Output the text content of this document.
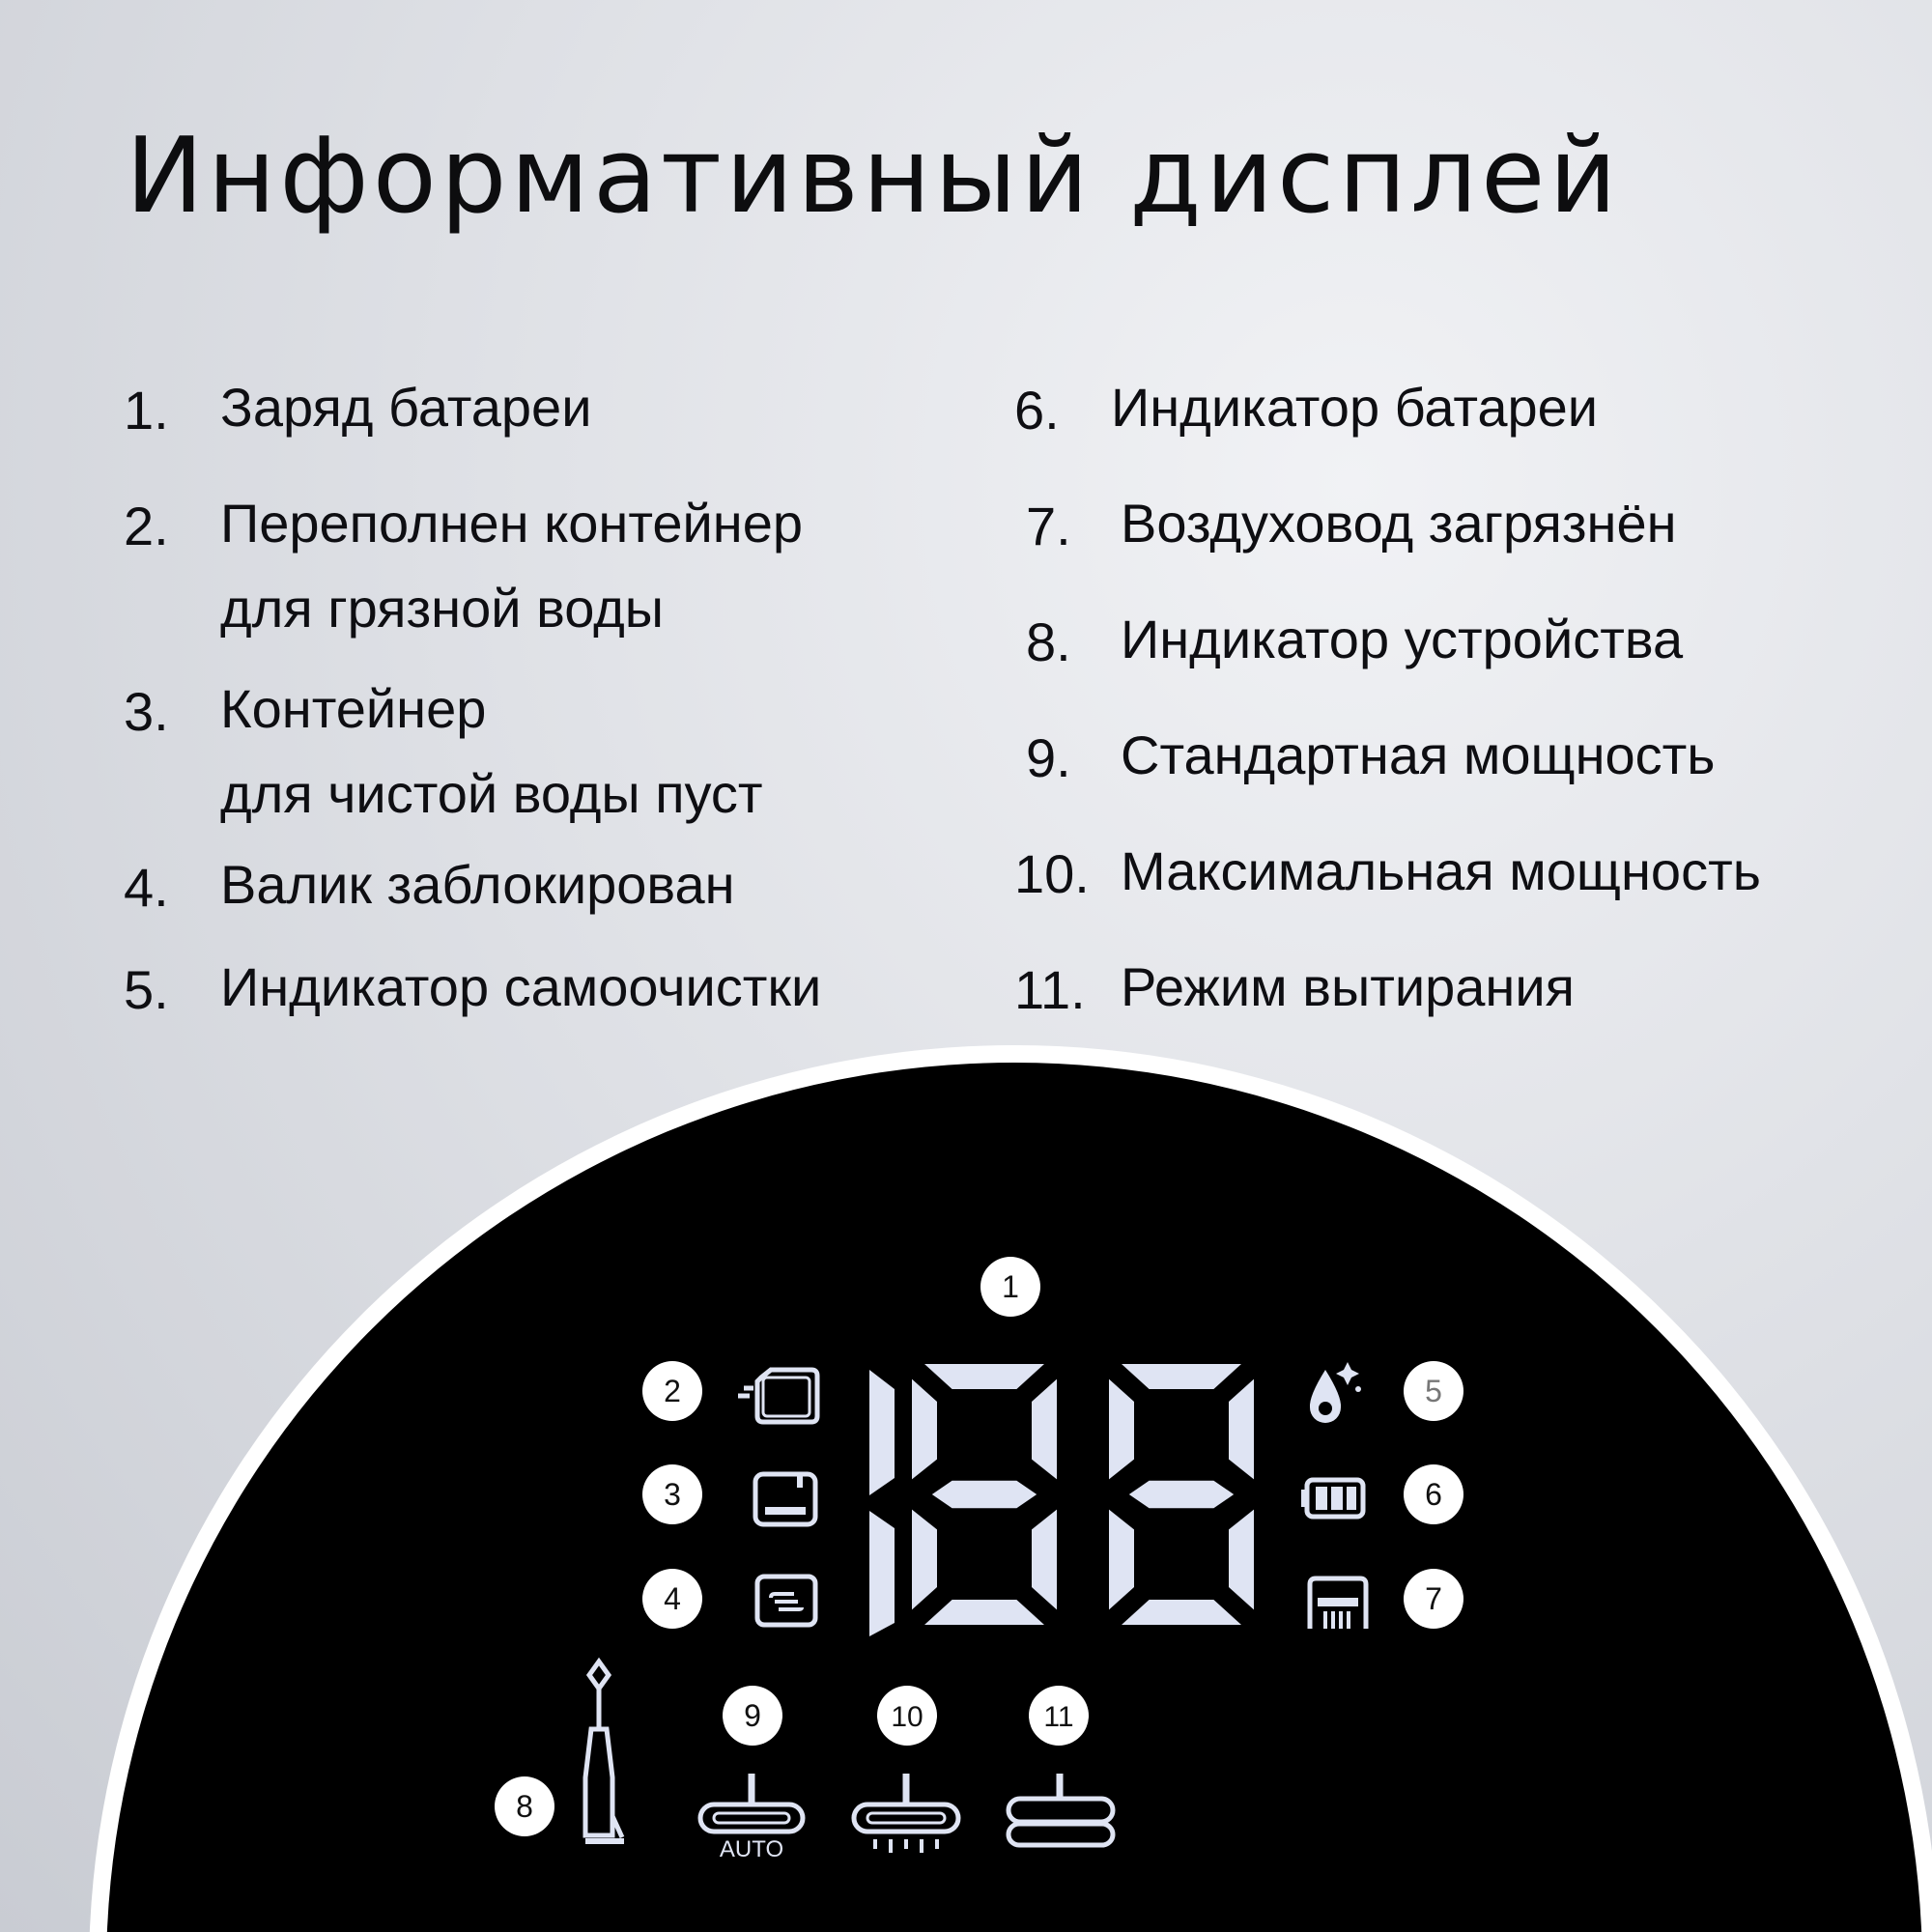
Информативный дисплей
1. Заряд батареи
2. Переполнен контейнер
для грязной воды
3. Контейнер
для чистой воды пуст
4. Валик заблокирован
5. Индикатор самоочистки
6. Индикатор батареи
7. Воздуховод загрязнён
8. Индикатор устройства
9. Стандартная мощность
10. Максимальная мощность
11. Режим вытирания
AUTO
1
2
3
4
5
6
7
8
9	10	11
